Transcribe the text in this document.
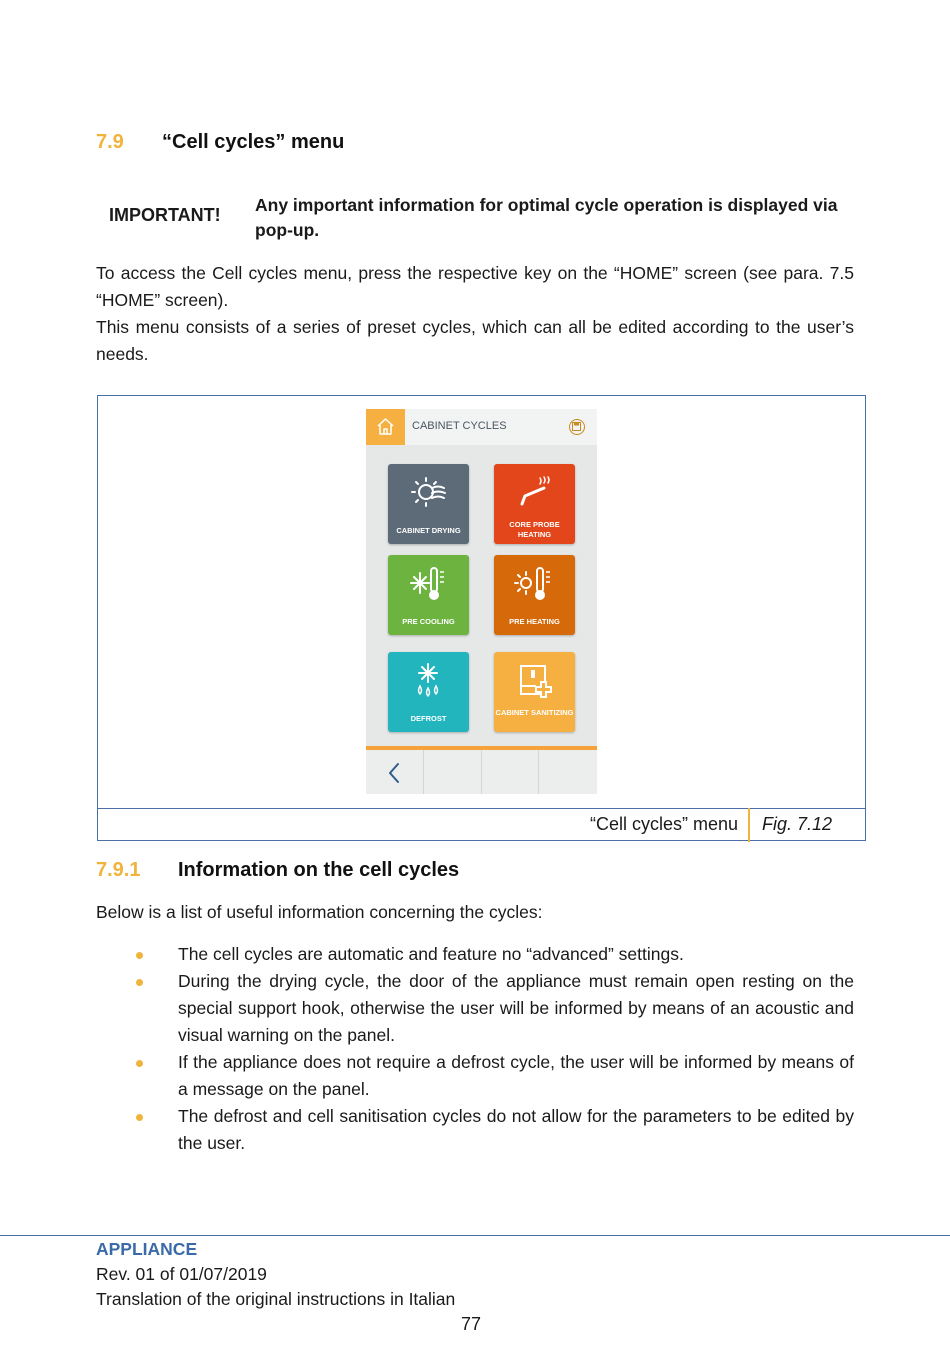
7.9 “Cell cycles” menu
IMPORTANT! Any important information for optimal cycle operation is displayed via pop-up.
To access the Cell cycles menu, press the respective key on the “HOME” screen (see para. 7.5 “HOME” screen).
This menu consists of a series of preset cycles, which can all be edited according to the user’s needs.
“Cell cycles” menu Fig. 7.12
CABINET CYCLES
CABINET DRYING
CORE PROBE HEATING
PRE COOLING	PRE HEATING
DEFROST
CABINET SANITIZING
7.9.1 Information on the cell cycles
Below is a list of useful information concerning the cycles:
The cell cycles are automatic and feature no “advanced” settings.
During the drying cycle, the door of the appliance must remain open resting on the special support hook, otherwise the user will be informed by means of an acoustic and visual warning on the panel.
If the appliance does not require a defrost cycle, the user will be informed by means of a message on the panel.
The defrost and cell sanitisation cycles do not allow for the parameters to be edited by the user.
APPLIANCE
Rev. 01 of 01/07/2019
Translation of the original instructions in Italian
77
